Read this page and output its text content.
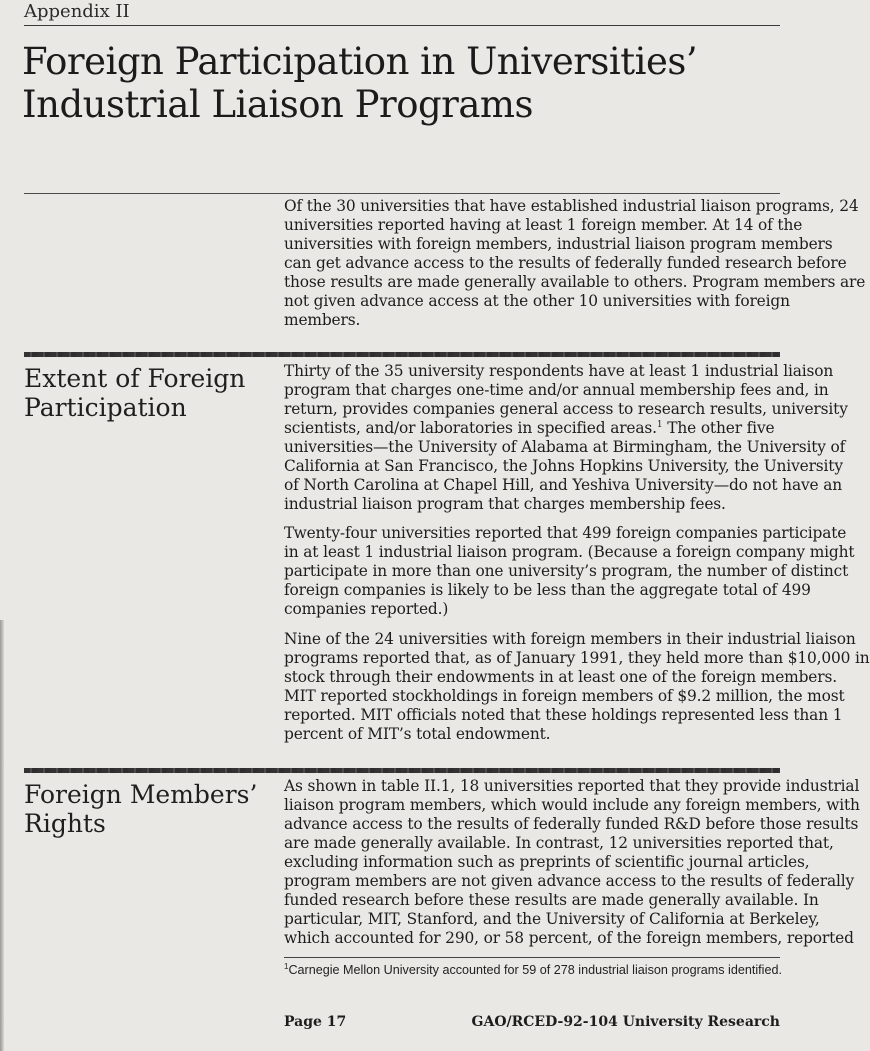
Appendix II
Foreign Participation in Universities’
Industrial Liaison Programs
Of the 30 universities that have established industrial liaison programs, 24
universities reported having at least 1 foreign member. At 14 of the
universities with foreign members, industrial liaison program members
can get advance access to the results of federally funded research before
those results are made generally available to others. Program members are
not given advance access at the other 10 universities with foreign
members.
Extent of Foreign
Participation
Thirty of the 35 university respondents have at least 1 industrial liaison
program that charges one-time and/or annual membership fees and, in
return, provides companies general access to research results, university
scientists, and/or laboratories in specified areas.$^1$ The other five
universities—the University of Alabama at Birmingham, the University of
California at San Francisco, the Johns Hopkins University, the University
of North Carolina at Chapel Hill, and Yeshiva University—do not have an
industrial liaison program that charges membership fees.
Twenty-four universities reported that 499 foreign companies participate
in at least 1 industrial liaison program. (Because a foreign company might
participate in more than one university’s program, the number of distinct
foreign companies is likely to be less than the aggregate total of 499
companies reported.)
Nine of the 24 universities with foreign members in their industrial liaison
programs reported that, as of January 1991, they held more than $10,000 in
stock through their endowments in at least one of the foreign members.
MIT reported stockholdings in foreign members of $9.2 million, the most
reported. MIT officials noted that these holdings represented less than 1
percent of MIT’s total endowment.
Foreign Members’
Rights
As shown in table II.1, 18 universities reported that they provide industrial
liaison program members, which would include any foreign members, with
advance access to the results of federally funded R&D before those results
are made generally available. In contrast, 12 universities reported that,
excluding information such as preprints of scientific journal articles,
program members are not given advance access to the results of federally
funded research before these results are made generally available. In
particular, MIT, Stanford, and the University of California at Berkeley,
which accounted for 290, or 58 percent, of the foreign members, reported
$^1$Carnegie Mellon University accounted for 59 of 278 industrial liaison programs identified.
Page 17	GAO/RCED-92-104 University Research
